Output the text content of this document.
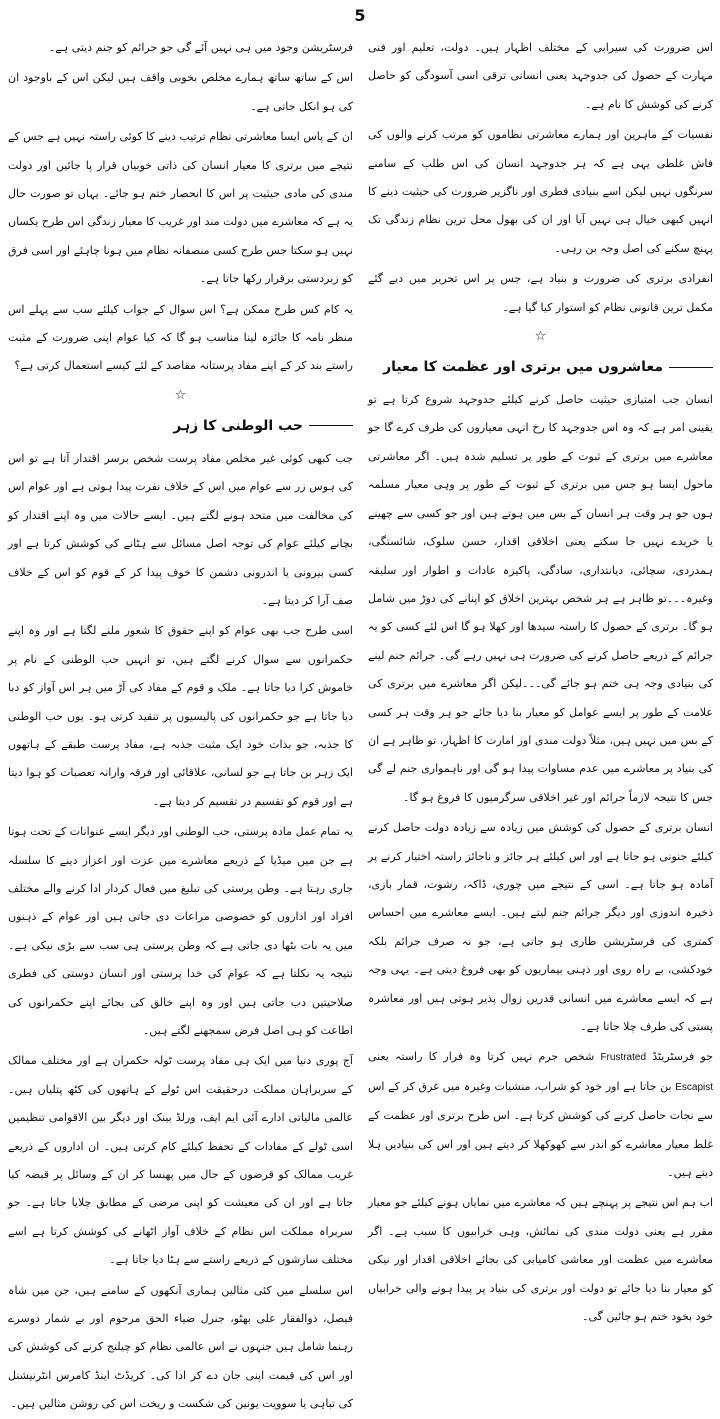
5

اس ضرورت کی سیرابی کے مختلف اظہار ہیں۔ دولت، تعلیم اور فنی مہارت کے حصول کی جدوجہد یعنی انسانی ترقی اسی آسودگی کو حاصل کرنے کی کوشش کا نام ہے۔

نفسیات کے ماہرین اور ہمارے معاشرتی نظاموں کو مرتب کرنے والوں کی فاش غلطی یہی ہے کہ ہر جدوجہد انسان کی اس طلب کے سامنے سرنگوں نہیں لیکن اسے بنیادی فطری اور ناگزیر ضرورت کی حیثیت دینے کا انہیں کبھی خیال ہی نہیں آیا اور ان کی بھول محل ترین نظام زندگی تک پہنچ سکنے کی اصل وجہ بن رہی۔

انفرادی برتری کی ضرورت و بنیاد ہے، جس پر اس تحریر میں دیے گئے مکمل ترین قانونی نظام کو استوار کیا گیا ہے۔

☆
معاشروں میں برتری اور عظمت کا معیار

انسان جب امتیازی حیثیت حاصل کرنے کیلئے جدوجہد شروع کرتا ہے تو یقینی امر ہے کہ وہ اس جدوجہد کا رخ انہی معیاروں کی طرف کرے گا جو معاشرے میں برتری کے ثبوت کے طور پر تسلیم شدہ ہیں۔ اگر معاشرتی ماحول ایسا ہو جس میں برتری کے ثبوت کے طور پر وہی معیار مسلمہ ہوں جو ہر وقت ہر انسان کے بس میں ہوتے ہیں اور جو کسی سے چھینے یا خریدے نہیں جا سکتے یعنی اخلاقی اقدار، حسن سلوک، شائستگی، ہمدردی، سچائی، دیانتداری، سادگی، پاکیزہ عادات و اطوار اور سلیقہ وغیرہ۔۔۔تو ظاہر ہے ہر شخص بہترین اخلاق کو اپنانے کی دوڑ میں شامل ہو گا۔ برتری کے حصول کا راستہ سیدھا اور کھلا ہو گا اس لئے کسی کو یہ جرائم کے ذریعے حاصل کرنے کی ضرورت ہی نہیں رہے گی۔ جرائم جنم لینے کی بنیادی وجہ ہی ختم ہو جائے گی۔۔۔لیکن اگر معاشرے میں برتری کی علامت کے طور پر ایسے عوامل کو معیار بنا دیا جائے جو ہر وقت ہر کسی کے بس میں نہیں ہیں، مثلاً دولت مندی اور امارت کا اظہار، تو ظاہر ہے ان کی بنیاد پر معاشرے میں عدم مساوات پیدا ہو گی اور ناہمواری جنم لے گی جس کا نتیجہ لازماً جرائم اور غیر اخلاقی سرگرمیوں کا فروغ ہو گا۔

انسان برتری کے حصول کی کوشش میں زیادہ سے زیادہ دولت حاصل کرنے کیلئے جنونی ہو جاتا ہے اور اس کیلئے ہر جائز و ناجائز راستہ اختیار کرنے پر آمادہ ہو جاتا ہے۔ اسی کے نتیجے میں چوری، ڈاکہ، رشوت، قمار بازی، ذخیرہ اندوزی اور دیگر جرائم جنم لیتے ہیں۔ ایسے معاشرے میں احساس کمتری کی فرسٹریشن طاری ہو جاتی ہے، جو نہ صرف جرائم بلکہ خودکشی، بے راہ روی اور ذہنی بیماریوں کو بھی فروغ دیتی ہے۔ یہی وجہ ہے کہ ایسے معاشرے میں انسانی قدریں زوال پذیر ہوتی ہیں اور معاشرہ پستی کی طرف چلا جاتا ہے۔

جو فرسٹریٹڈ Frustrated شخص جرم نہیں کرتا وہ فرار کا راستہ یعنی Escapist بن جاتا ہے اور خود کو شراب، منشیات وغیرہ میں غرق کر کے اس سے نجات حاصل کرنے کی کوشش کرتا ہے۔ اس طرح برتری اور عظمت کے غلط معیار معاشرے کو اندر سے کھوکھلا کر دیتے ہیں اور اس کی بنیادیں ہلا دیتے ہیں۔

اب ہم اس نتیجے پر پہنچے ہیں کہ معاشرے میں نمایاں ہونے کیلئے جو معیار مقرر ہے یعنی دولت مندی کی نمائش، وہی خرابیوں کا سبب ہے۔ اگر معاشرے میں عظمت اور معاشی کامیابی کی بجائے اخلاقی اقدار اور نیکی کو معیار بنا دیا جائے تو دولت اور برتری کی بنیاد پر پیدا ہونے والی خرابیاں خود بخود ختم ہو جائیں گی۔

فرسٹریشن وجود میں ہی نہیں آئے گی جو جرائم کو جنم دیتی ہے۔

اس کے ساتھ ساتھ ہمارے مخلص بخوبی واقف ہیں لیکن اس کے باوجود ان کی ہو انکل جاتی ہے۔

ان کے پاس ایسا معاشرتی نظام ترتیب دینے کا کوئی راستہ نہیں ہے جس کے نتیجے میں برتری کا معیار انسان کی ذاتی خوبیاں قرار پا جائیں اور دولت مندی کی مادی حیثیت پر اس کا انحصار ختم ہو جائے۔ یہاں تو صورت حال یہ ہے کہ معاشرے میں دولت مند اور غریب کا معیار زندگی اس طرح یکساں نہیں ہو سکتا جس طرح کسی منصفانہ نظام میں ہونا چاہئے اور اسی فرق کو زبردستی برقرار رکھا جاتا ہے۔

یہ کام کس طرح ممکن ہے؟ اس سوال کے جواب کیلئے سب سے پہلے اس منظر نامہ کا جائزہ لینا مناسب ہو گا کہ کیا عوام اپنی ضرورت کے مثبت راستے بند کر کے اپنے مفاد پرستانہ مقاصد کے لئے کیسے استعمال کرتی ہے؟

☆
حب الوطنی کا زہر

جب کبھی کوئی غیر مخلص مفاد پرست شخص برسر اقتدار آتا ہے تو اس کی ہوس زر سے عوام میں اس کے خلاف نفرت پیدا ہوتی ہے اور عوام اس کی مخالفت میں متحد ہونے لگتے ہیں۔ ایسے حالات میں وہ اپنے اقتدار کو بچانے کیلئے عوام کی توجہ اصل مسائل سے ہٹانے کی کوشش کرتا ہے اور کسی بیرونی یا اندرونی دشمن کا خوف پیدا کر کے قوم کو اس کے خلاف صف آرا کر دیتا ہے۔

اسی طرح جب بھی عوام کو اپنے حقوق کا شعور ملنے لگتا ہے اور وہ اپنے حکمرانوں سے سوال کرنے لگتے ہیں، تو انہیں حب الوطنی کے نام پر خاموش کرا دیا جاتا ہے۔ ملک و قوم کے مفاد کی آڑ میں ہر اس آواز کو دبا دیا جاتا ہے جو حکمرانوں کی پالیسیوں پر تنقید کرتی ہو۔ یوں حب الوطنی کا جذبہ، جو بذات خود ایک مثبت جذبہ ہے، مفاد پرست طبقے کے ہاتھوں ایک زہر بن جاتا ہے جو لسانی، علاقائی اور فرقہ وارانہ تعصبات کو ہوا دیتا ہے اور قوم کو تقسیم در تقسیم کر دیتا ہے۔

یہ تمام عمل مادہ پرستی، حب الوطنی اور دیگر ایسے عنوانات کے تحت ہوتا ہے جن میں میڈیا کے ذریعے معاشرے میں عزت اور اعزاز دینے کا سلسلہ جاری رہتا ہے۔ وطن پرستی کی تبلیغ میں فعال کردار ادا کرنے والے مختلف افراد اور اداروں کو خصوصی مراعات دی جاتی ہیں اور عوام کے ذہنوں میں یہ بات بٹھا دی جاتی ہے کہ وطن پرستی ہی سب سے بڑی نیکی ہے۔ نتیجہ یہ نکلتا ہے کہ عوام کی خدا پرستی اور انسان دوستی کی فطری صلاحیتیں دب جاتی ہیں اور وہ اپنے خالق کی بجائے اپنے حکمرانوں کی اطاعت کو ہی اصل فرض سمجھنے لگتے ہیں۔

آج پوری دنیا میں ایک ہی مفاد پرست ٹولہ حکمران ہے اور مختلف ممالک کے سربراہان مملکت درحقیقت اس ٹولے کے ہاتھوں کی کٹھ پتلیاں ہیں۔ عالمی مالیاتی ادارے آئی ایم ایف، ورلڈ بینک اور دیگر بین الاقوامی تنظیمیں اسی ٹولے کے مفادات کے تحفظ کیلئے کام کرتی ہیں۔ ان اداروں کے ذریعے غریب ممالک کو قرضوں کے جال میں پھنسا کر ان کے وسائل پر قبضہ کیا جاتا ہے اور ان کی معیشت کو اپنی مرضی کے مطابق چلایا جاتا ہے۔ جو سربراہ مملکت اس نظام کے خلاف آواز اٹھانے کی کوشش کرتا ہے اسے مختلف سازشوں کے ذریعے راستے سے ہٹا دیا جاتا ہے۔

اس سلسلے میں کئی مثالیں ہماری آنکھوں کے سامنے ہیں، جن میں شاہ فیصل، ذوالفقار علی بھٹو، جنرل ضیاء الحق مرحوم اور بے شمار دوسرے رہنما شامل ہیں جنہوں نے اس عالمی نظام کو چیلنج کرنے کی کوشش کی اور اس کی قیمت اپنی جان دے کر ادا کی۔ کریڈٹ اینڈ کامرس انٹرنیشنل کی تباہی یا سوویت یونین کی شکست و ریخت اس کی روشن مثالیں ہیں۔
